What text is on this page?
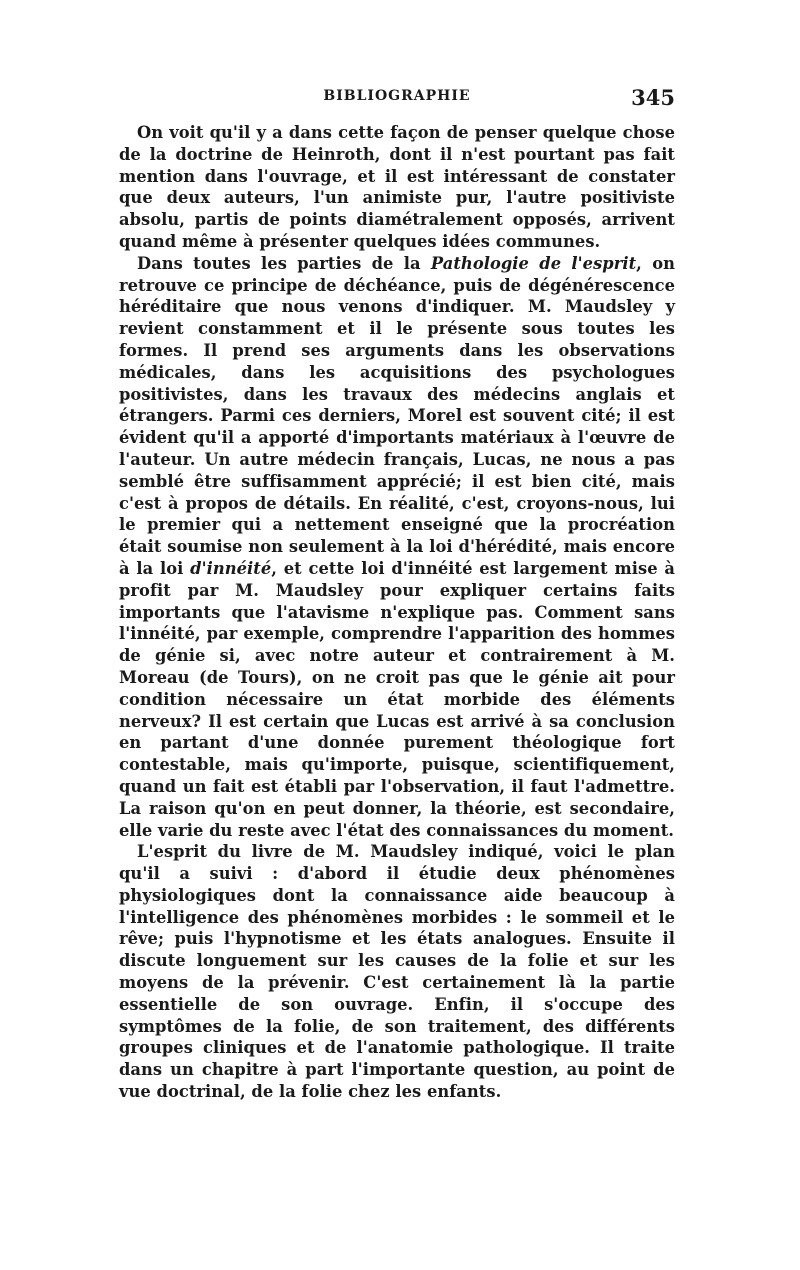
BIBLIOGRAPHIE	345

On voit qu'il y a dans cette façon de penser quelque chose de la doctrine de Heinroth, dont il n'est pourtant pas fait mention dans l'ouvrage, et il est intéressant de constater que deux auteurs, l'un animiste pur, l'autre positiviste absolu, partis de points diamétralement opposés, arrivent quand même à présenter quelques idées communes.

Dans toutes les parties de la Pathologie de l'esprit, on retrouve ce principe de déchéance, puis de dégénérescence héréditaire que nous venons d'indiquer. M. Maudsley y revient constamment et il le présente sous toutes les formes. Il prend ses arguments dans les observations médicales, dans les acquisitions des psychologues positivistes, dans les travaux des médecins anglais et étrangers. Parmi ces derniers, Morel est souvent cité; il est évident qu'il a apporté d'importants matériaux à l'œuvre de l'auteur. Un autre médecin français, Lucas, ne nous a pas semblé être suffisamment apprécié; il est bien cité, mais c'est à propos de détails. En réalité, c'est, croyons-nous, lui le premier qui a nettement enseigné que la procréation était soumise non seulement à la loi d'hérédité, mais encore à la loi d'innéité, et cette loi d'innéité est largement mise à profit par M. Maudsley pour expliquer certains faits importants que l'atavisme n'explique pas. Comment sans l'innéité, par exemple, comprendre l'apparition des hommes de génie si, avec notre auteur et contrairement à M. Moreau (de Tours), on ne croit pas que le génie ait pour condition nécessaire un état morbide des éléments nerveux? Il est certain que Lucas est arrivé à sa conclusion en partant d'une donnée purement théologique fort contestable, mais qu'importe, puisque, scientifiquement, quand un fait est établi par l'observation, il faut l'admettre. La raison qu'on en peut donner, la théorie, est secondaire, elle varie du reste avec l'état des connaissances du moment.

L'esprit du livre de M. Maudsley indiqué, voici le plan qu'il a suivi : d'abord il étudie deux phénomènes physiologiques dont la connaissance aide beaucoup à l'intelligence des phénomènes morbides : le sommeil et le rêve; puis l'hypnotisme et les états analogues. Ensuite il discute longuement sur les causes de la folie et sur les moyens de la prévenir. C'est certainement là la partie essentielle de son ouvrage. Enfin, il s'occupe des symptômes de la folie, de son traitement, des différents groupes cliniques et de l'anatomie pathologique. Il traite dans un chapitre à part l'importante question, au point de vue doctrinal, de la folie chez les enfants.
